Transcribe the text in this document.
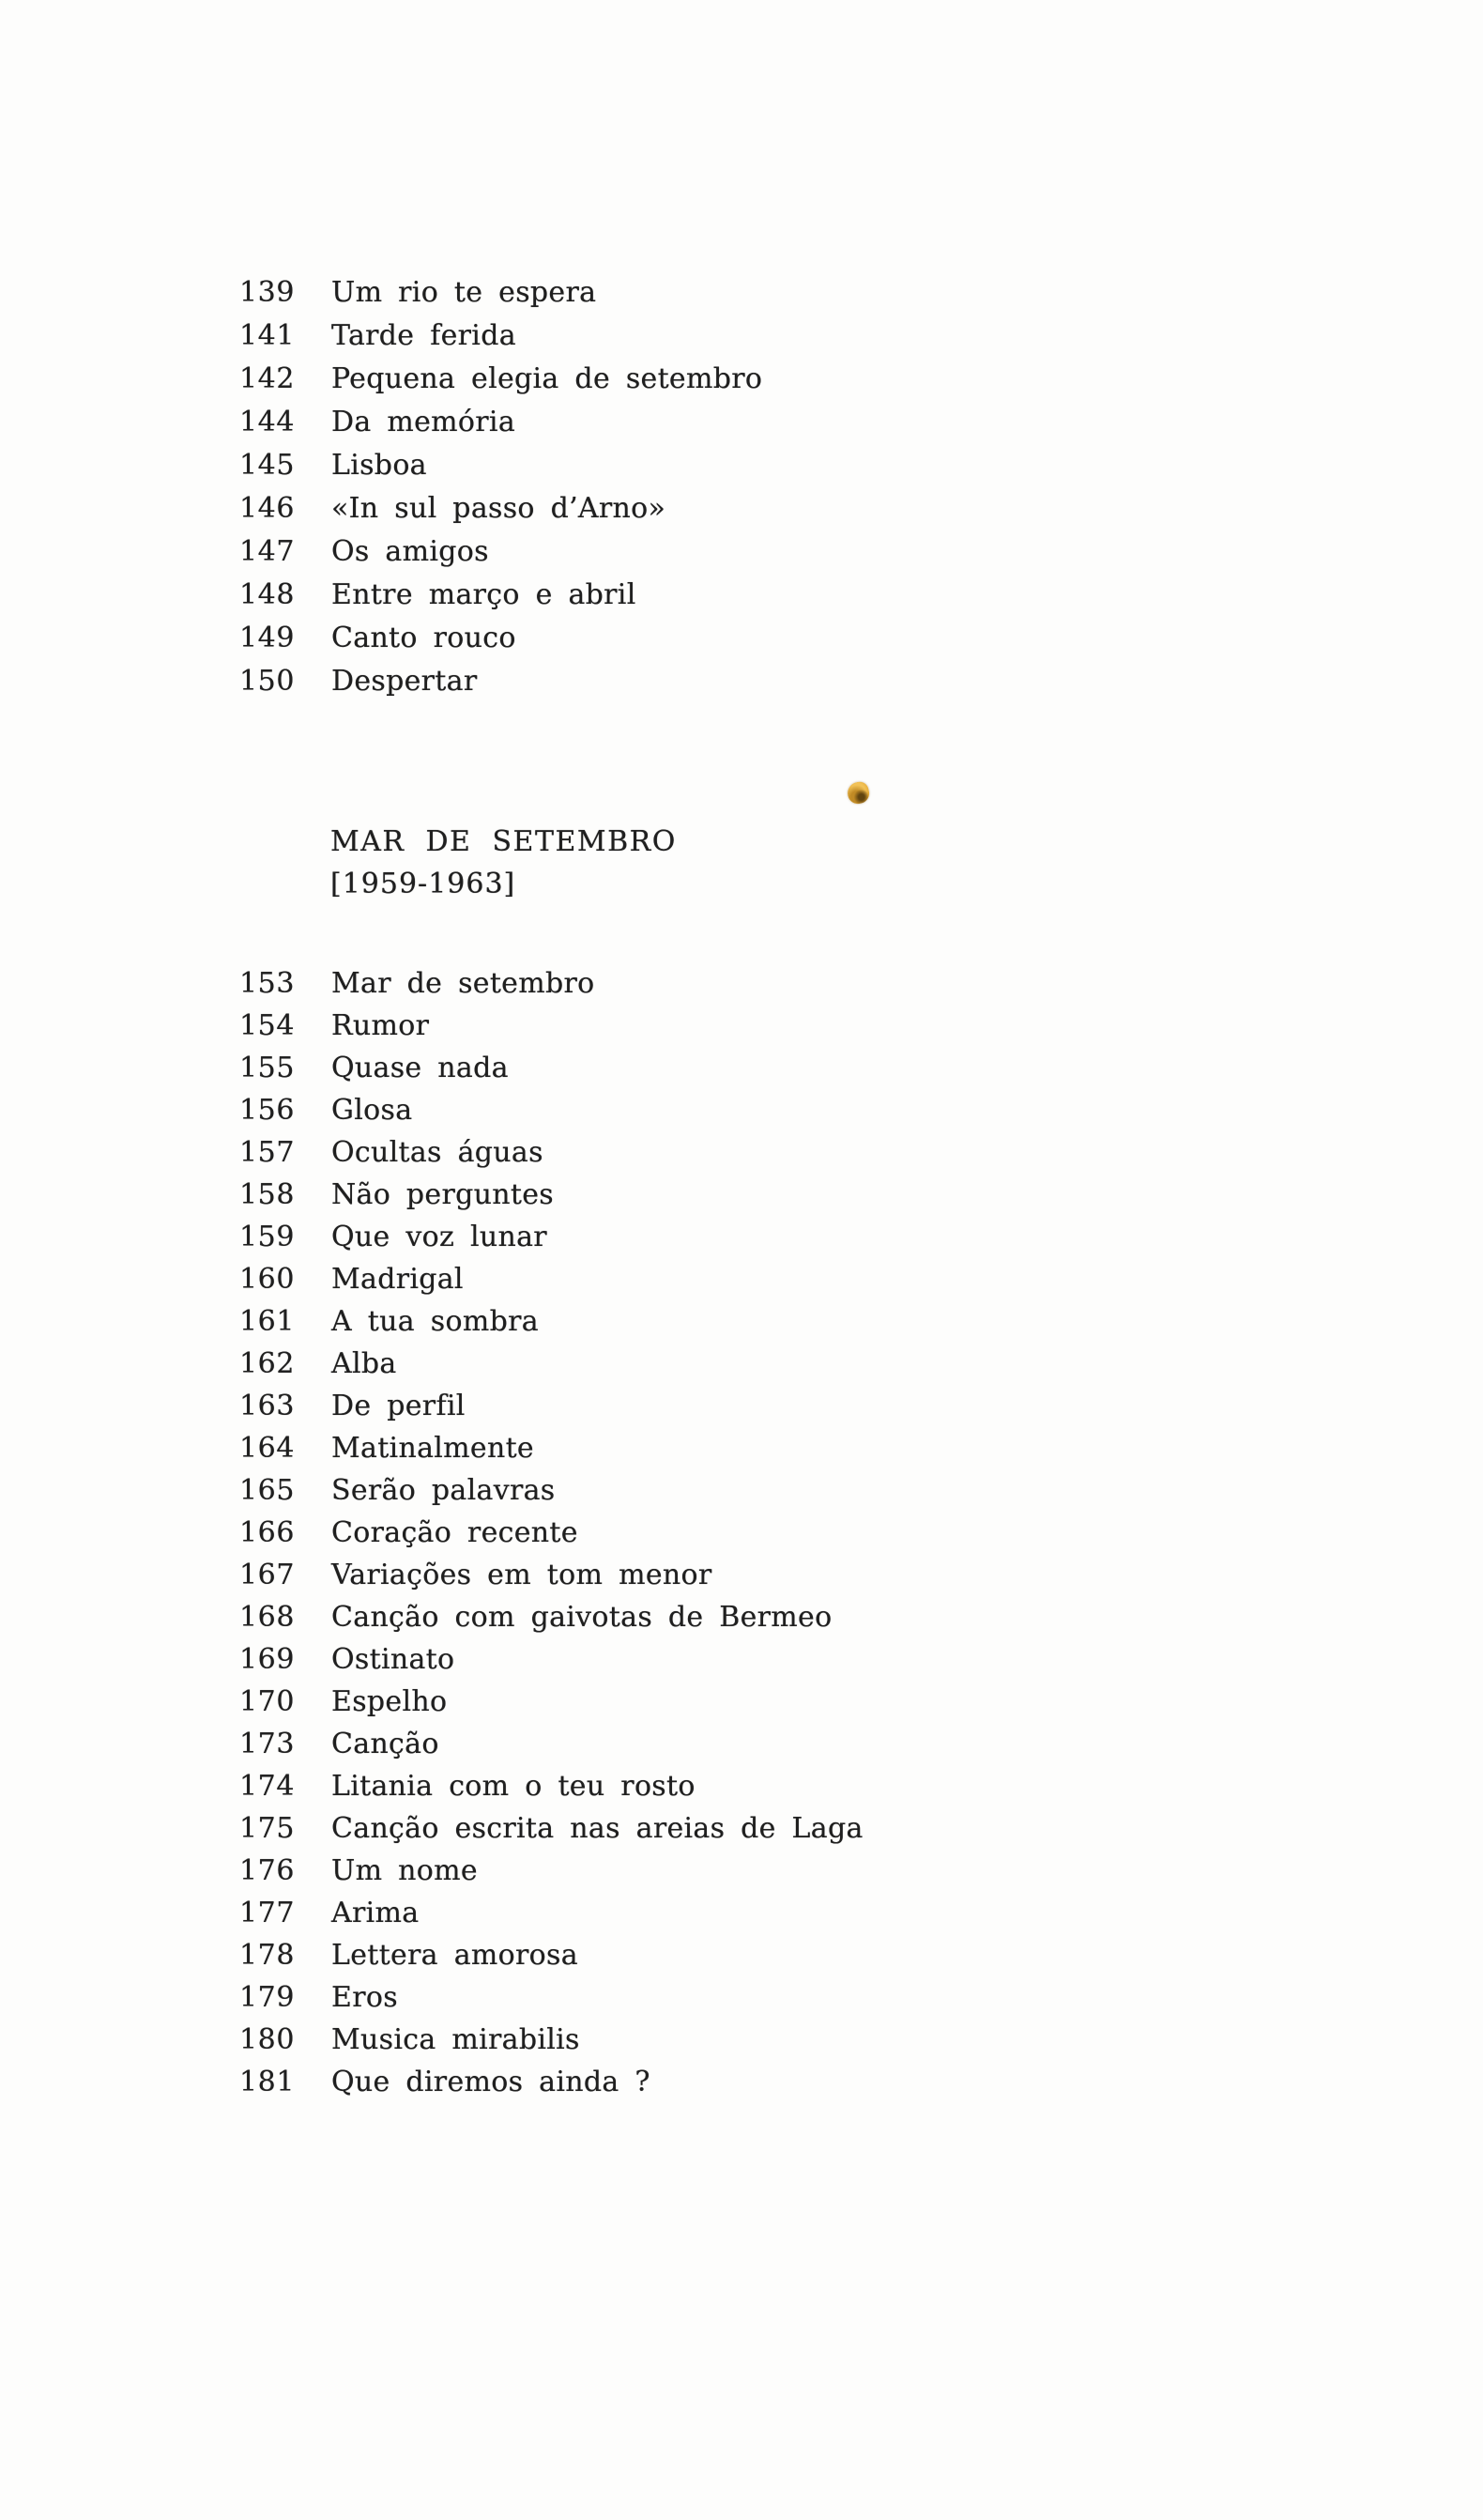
139 Um rio te espera
141 Tarde ferida
142 Pequena elegia de setembro
144 Da memória
145 Lisboa
146 «In sul passo d’Arno»
147 Os amigos
148 Entre março e abril
149 Canto rouco
150 Despertar
MAR DE SETEMBRO
[1959-1963]
153 Mar de setembro
154 Rumor
155 Quase nada
156 Glosa
157 Ocultas águas
158 Não perguntes
159 Que voz lunar
160 Madrigal
161 A tua sombra
162 Alba
163 De perfil
164 Matinalmente
165 Serão palavras
166 Coração recente
167 Variações em tom menor
168 Canção com gaivotas de Bermeo
169 Ostinato
170 Espelho
173 Canção
174 Litania com o teu rosto
175 Canção escrita nas areias de Laga
176 Um nome
177 Arima
178 Lettera amorosa
179 Eros
180 Musica mirabilis
181 Que diremos ainda ?
